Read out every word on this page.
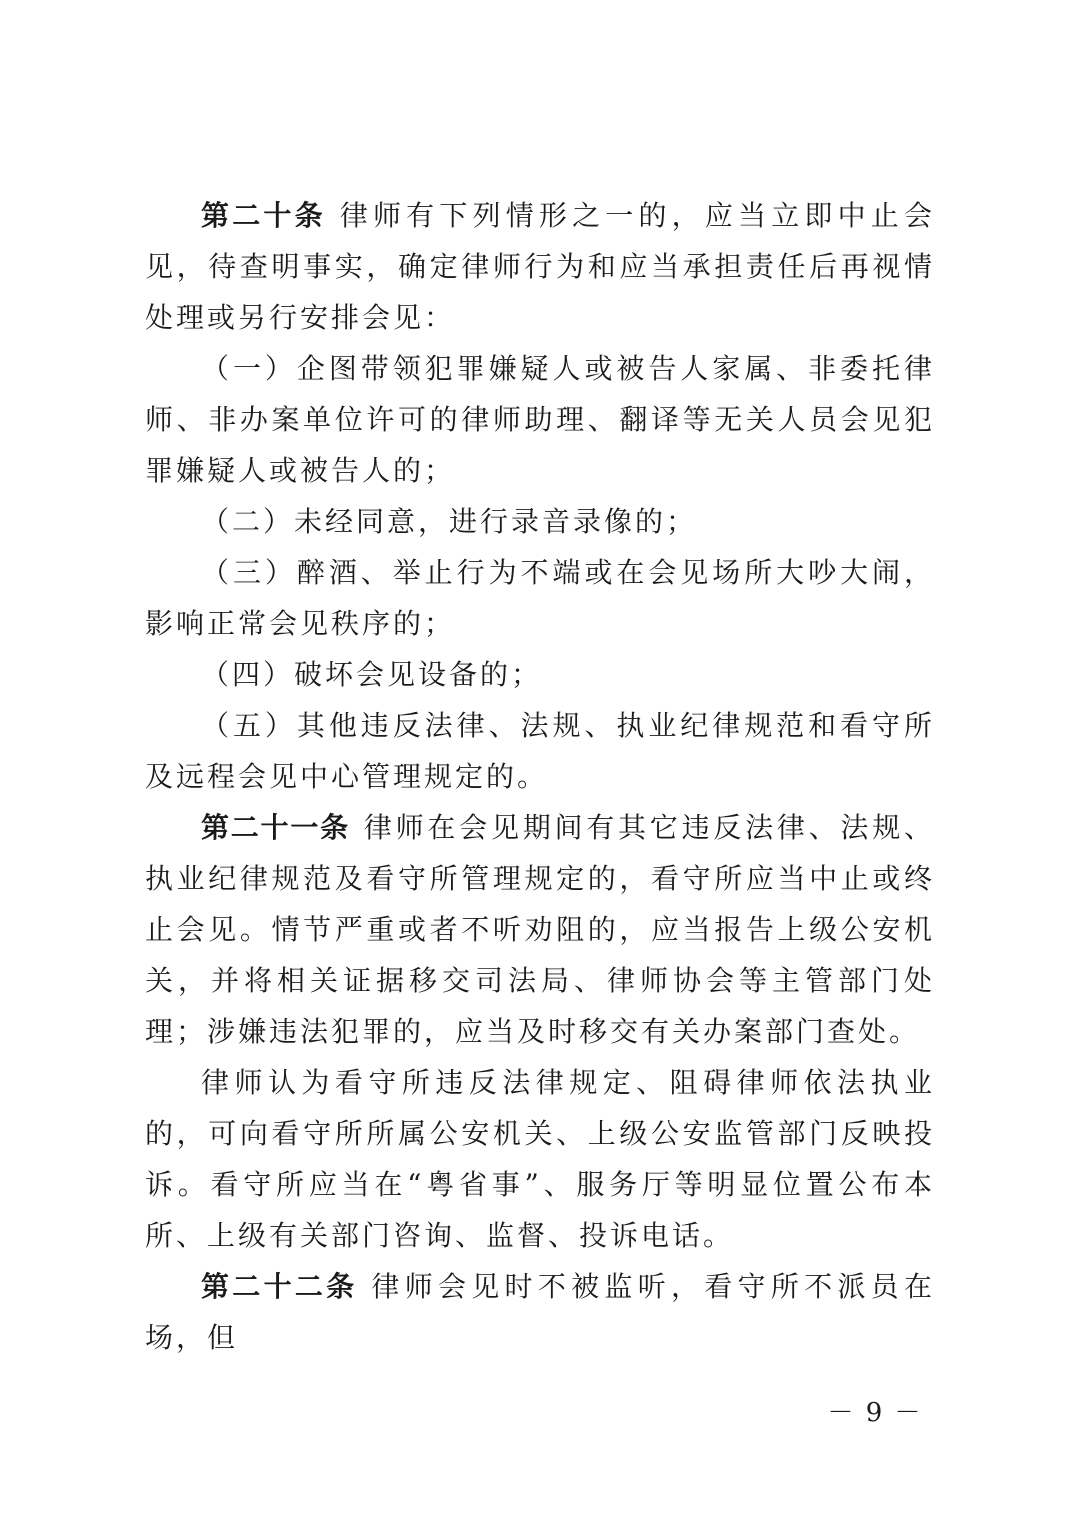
第二十条 律师有下列情形之一的，应当立即中止会见，待查明事实，确定律师行为和应当承担责任后再视情处理或另行安排会见：

（一）企图带领犯罪嫌疑人或被告人家属、非委托律师、非办案单位许可的律师助理、翻译等无关人员会见犯罪嫌疑人或被告人的；

（二）未经同意，进行录音录像的；

（三）醉酒、举止行为不端或在会见场所大吵大闹，影响正常会见秩序的；

（四）破坏会见设备的；

（五）其他违反法律、法规、执业纪律规范和看守所及远程会见中心管理规定的。

第二十一条 律师在会见期间有其它违反法律、法规、执业纪律规范及看守所管理规定的，看守所应当中止或终止会见。情节严重或者不听劝阻的，应当报告上级公安机关，并将相关证据移交司法局、律师协会等主管部门处理；涉嫌违法犯罪的，应当及时移交有关办案部门查处。

律师认为看守所违反法律规定、阻碍律师依法执业的，可向看守所所属公安机关、上级公安监管部门反映投诉。看守所应当在“粤省事”、服务厅等明显位置公布本所、上级有关部门咨询、监督、投诉电话。

第二十二条 律师会见时不被监听，看守所不派员在场，但

－ 9 －
